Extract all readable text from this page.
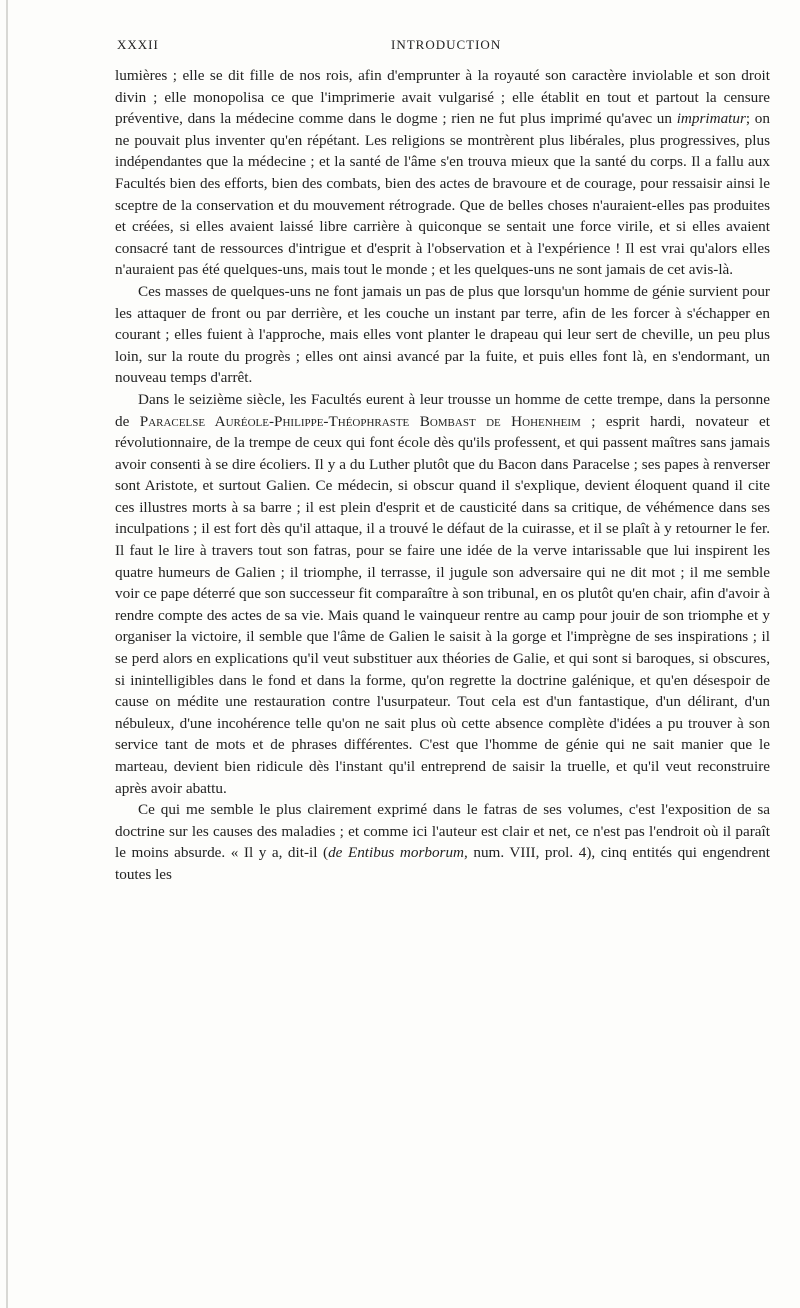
XXXII	INTRODUCTION

lumières ; elle se dit fille de nos rois, afin d'emprunter à la royauté son caractère inviolable et son droit divin ; elle monopolisa ce que l'imprimerie avait vulgarisé ; elle établit en tout et partout la censure préventive, dans la médecine comme dans le dogme ; rien ne fut plus imprimé qu'avec un imprimatur; on ne pouvait plus inventer qu'en répétant. Les religions se montrèrent plus libérales, plus progressives, plus indépendantes que la médecine ; et la santé de l'âme s'en trouva mieux que la santé du corps. Il a fallu aux Facultés bien des efforts, bien des combats, bien des actes de bravoure et de courage, pour ressaisir ainsi le sceptre de la conservation et du mouvement rétrograde. Que de belles choses n'auraient-elles pas produites et créées, si elles avaient laissé libre carrière à quiconque se sentait une force virile, et si elles avaient consacré tant de ressources d'intrigue et d'esprit à l'observation et à l'expérience ! Il est vrai qu'alors elles n'auraient pas été quelques-uns, mais tout le monde ; et les quelques-uns ne sont jamais de cet avis-là.

Ces masses de quelques-uns ne font jamais un pas de plus que lorsqu'un homme de génie survient pour les attaquer de front ou par derrière, et les couche un instant par terre, afin de les forcer à s'échapper en courant ; elles fuient à l'approche, mais elles vont planter le drapeau qui leur sert de cheville, un peu plus loin, sur la route du progrès ; elles ont ainsi avancé par la fuite, et puis elles font là, en s'endormant, un nouveau temps d'arrêt.

Dans le seizième siècle, les Facultés eurent à leur trousse un homme de cette trempe, dans la personne de Paracelse Auréole-Philippe-Théophraste Bombast de Hohenheim ; esprit hardi, novateur et révolutionnaire, de la trempe de ceux qui font école dès qu'ils professent, et qui passent maîtres sans jamais avoir consenti à se dire écoliers. Il y a du Luther plutôt que du Bacon dans Paracelse ; ses papes à renverser sont Aristote, et surtout Galien. Ce médecin, si obscur quand il s'explique, devient éloquent quand il cite ces illustres morts à sa barre ; il est plein d'esprit et de causticité dans sa critique, de véhémence dans ses inculpations ; il est fort dès qu'il attaque, il a trouvé le défaut de la cuirasse, et il se plaît à y retourner le fer. Il faut le lire à travers tout son fatras, pour se faire une idée de la verve intarissable que lui inspirent les quatre humeurs de Galien ; il triomphe, il terrasse, il jugule son adversaire qui ne dit mot ; il me semble voir ce pape déterré que son successeur fit comparaître à son tribunal, en os plutôt qu'en chair, afin d'avoir à rendre compte des actes de sa vie. Mais quand le vainqueur rentre au camp pour jouir de son triomphe et y organiser la victoire, il semble que l'âme de Galien le saisit à la gorge et l'imprègne de ses inspirations ; il se perd alors en explications qu'il veut substituer aux théories de Galie, et qui sont si baroques, si obscures, si inintelligibles dans le fond et dans la forme, qu'on regrette la doctrine galénique, et qu'en désespoir de cause on médite une restauration contre l'usurpateur. Tout cela est d'un fantastique, d'un délirant, d'un nébuleux, d'une incohérence telle qu'on ne sait plus où cette absence complète d'idées a pu trouver à son service tant de mots et de phrases différentes. C'est que l'homme de génie qui ne sait manier que le marteau, devient bien ridicule dès l'instant qu'il entreprend de saisir la truelle, et qu'il veut reconstruire après avoir abattu.

Ce qui me semble le plus clairement exprimé dans le fatras de ses volumes, c'est l'exposition de sa doctrine sur les causes des maladies ; et comme ici l'auteur est clair et net, ce n'est pas l'endroit où il paraît le moins absurde. « Il y a, dit-il (de Entibus morborum, num. VIII, prol. 4), cinq entités qui engendrent toutes les
